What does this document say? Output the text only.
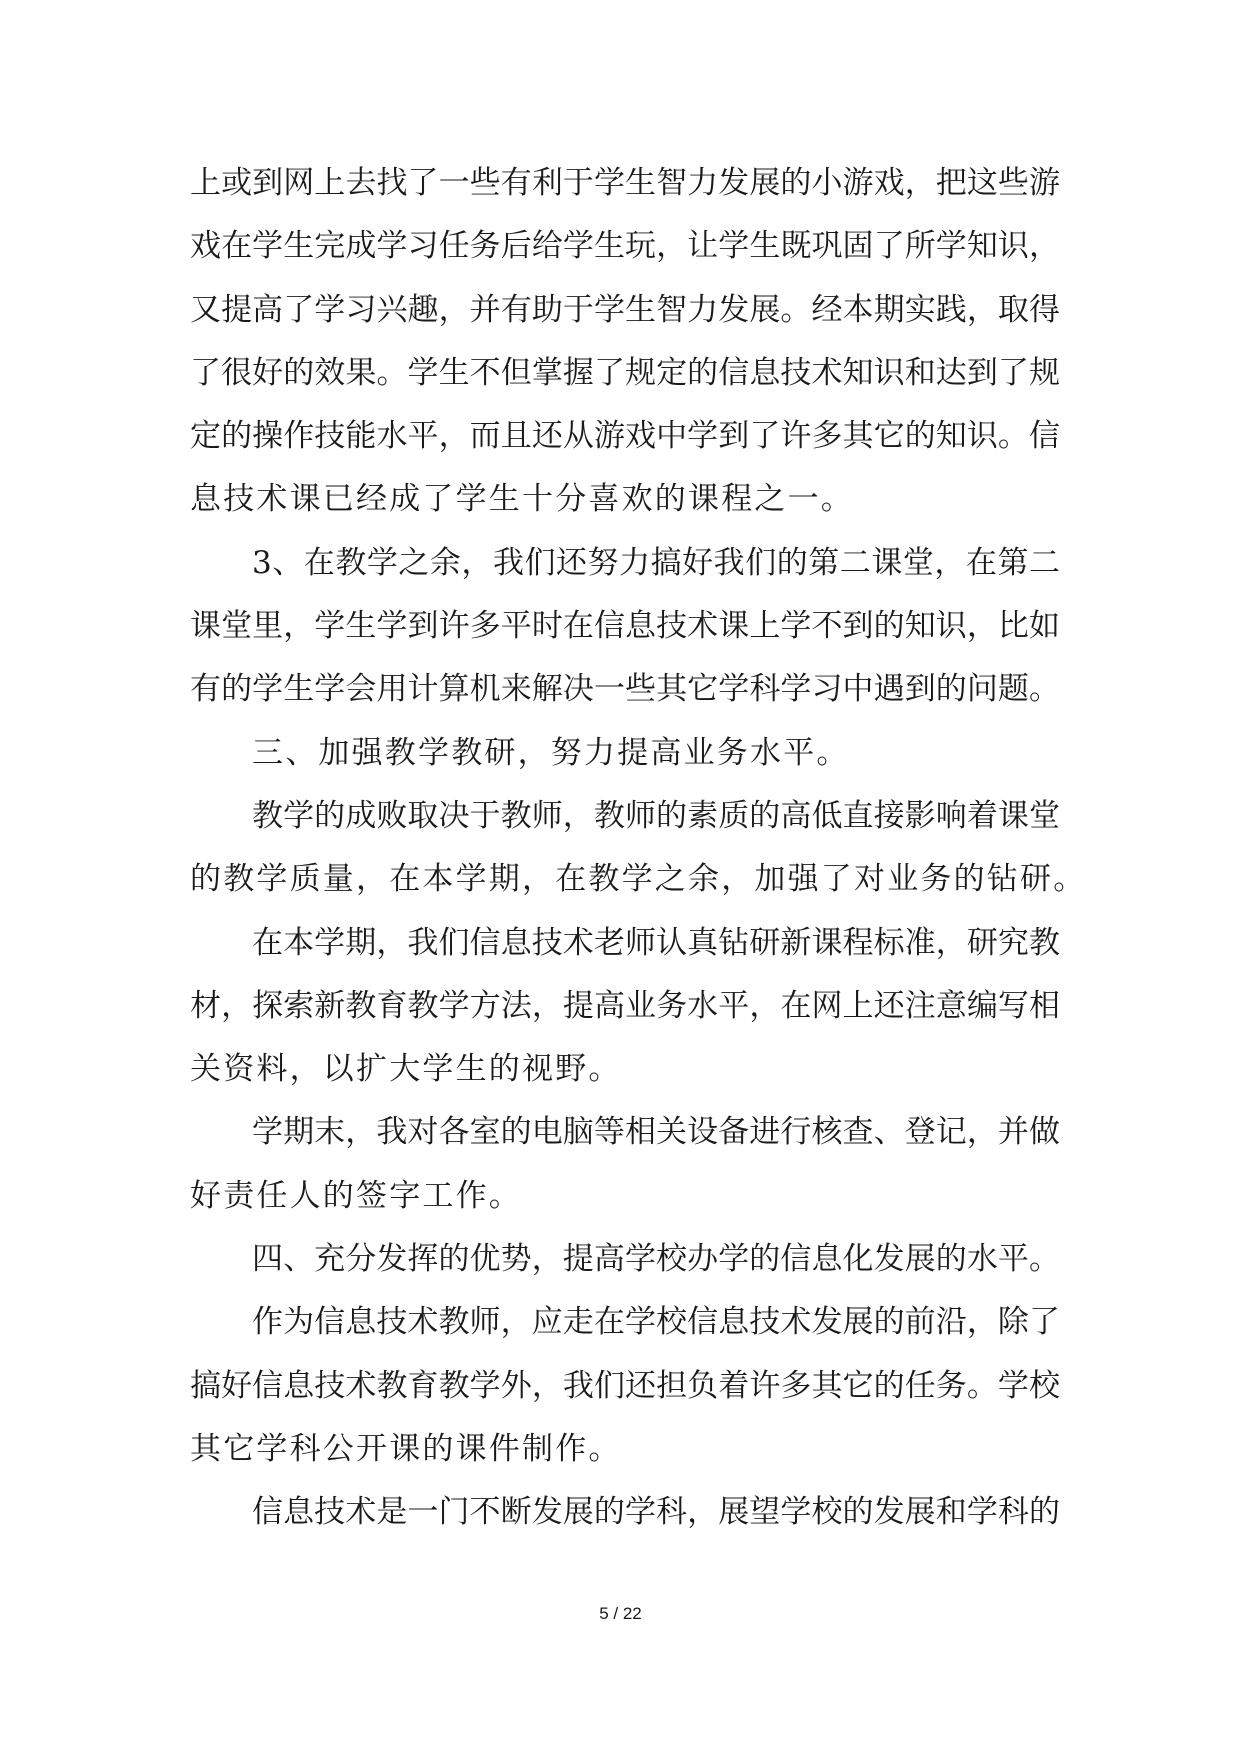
上或到网上去找了一些有利于学生智力发展的小游戏，把这些游
戏在学生完成学习任务后给学生玩，让学生既巩固了所学知识，
又提高了学习兴趣，并有助于学生智力发展。经本期实践，取得
了很好的效果。学生不但掌握了规定的信息技术知识和达到了规
定的操作技能水平，而且还从游戏中学到了许多其它的知识。信
息技术课已经成了学生十分喜欢的课程之一。
3、在教学之余，我们还努力搞好我们的第二课堂，在第二
课堂里，学生学到许多平时在信息技术课上学不到的知识，比如
有的学生学会用计算机来解决一些其它学科学习中遇到的问题。
三、加强教学教研，努力提高业务水平。
教学的成败取决于教师，教师的素质的高低直接影响着课堂
的教学质量，在本学期，在教学之余，加强了对业务的钻研。
在本学期，我们信息技术老师认真钻研新课程标准，研究教
材，探索新教育教学方法，提高业务水平，在网上还注意编写相
关资料，以扩大学生的视野。
学期末，我对各室的电脑等相关设备进行核查、登记，并做
好责任人的签字工作。
四、充分发挥的优势，提高学校办学的信息化发展的水平。
作为信息技术教师，应走在学校信息技术发展的前沿，除了
搞好信息技术教育教学外，我们还担负着许多其它的任务。学校
其它学科公开课的课件制作。
信息技术是一门不断发展的学科，展望学校的发展和学科的
5 / 22
